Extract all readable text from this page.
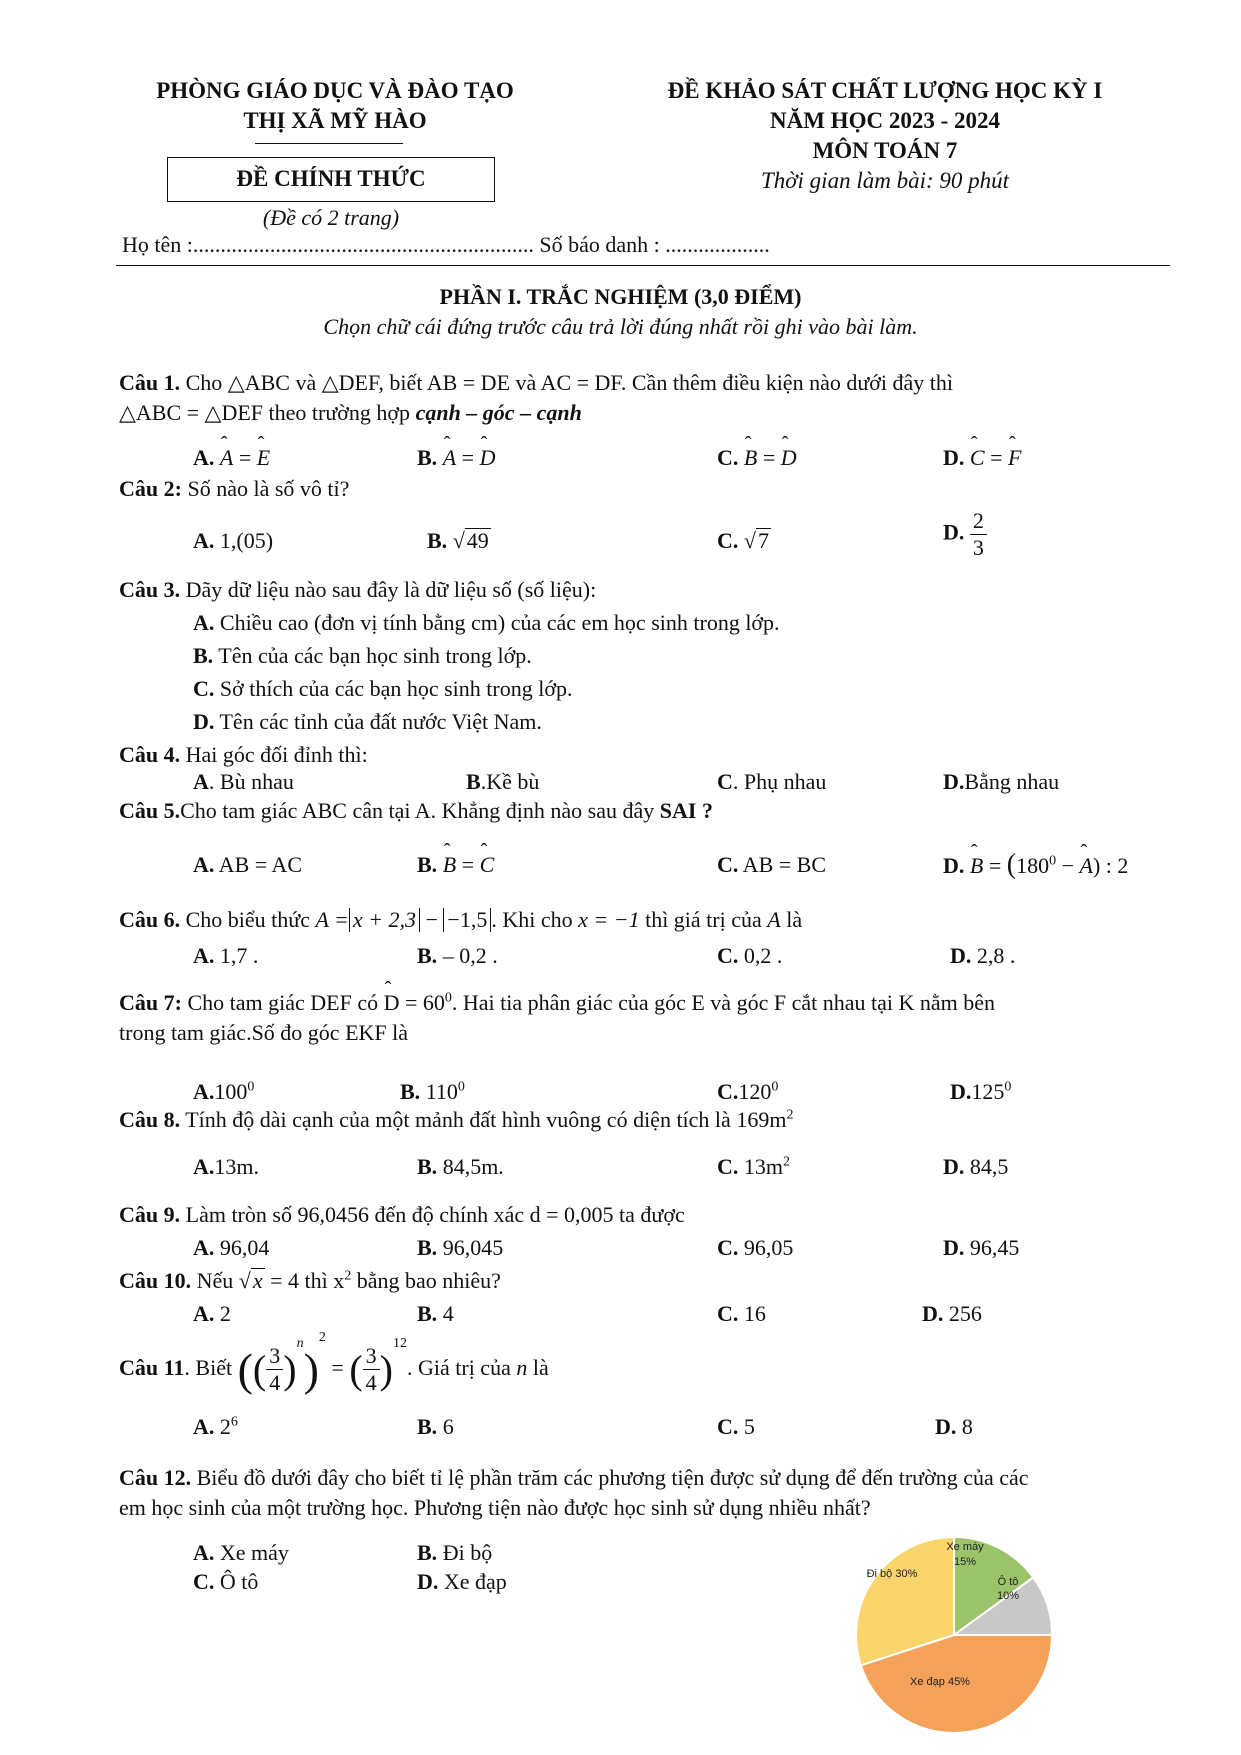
PHÒNG GIÁO DỤC VÀ ĐÀO TẠO
THỊ XÃ MỸ HÀO
ĐỀ CHÍNH THỨC
(Đề có 2 trang)
ĐỀ KHẢO SÁT CHẤT LƯỢNG HỌC KỲ I
NĂM HỌC 2023 - 2024
MÔN TOÁN 7
Thời gian làm bài: 90 phút
Họ tên :.............................................................. Số báo danh : ...................
PHẦN I. TRẮC NGHIỆM (3,0 ĐIỂM)
Chọn chữ cái đứng trước câu trả lời đúng nhất rồi ghi vào bài làm.
Câu 1. Cho △ABC và △DEF, biết AB = DE và AC = DF. Cần thêm điều kiện nào dưới đây thì
△ABC = △DEF theo trường hợp cạnh – góc – cạnh
A. ˆ A = ˆ E	B. ˆ A = ˆ D	C. ˆ B = ˆ D	D. ˆ C = ˆ F
Câu 2: Số nào là số vô tỉ?
A. 1,(05)	B. √49	C. √7	D. $\frac{2}{3}$
Câu 3. Dãy dữ liệu nào sau đây là dữ liệu số (số liệu):
A. Chiều cao (đơn vị tính bằng cm) của các em học sinh trong lớp.
B. Tên của các bạn học sinh trong lớp.
C. Sở thích của các bạn học sinh trong lớp.
D. Tên các tỉnh của đất nước Việt Nam.
Câu 4. Hai góc đối đỉnh thì:
A. Bù nhau	B.Kề bù	C. Phụ nhau	D.Bằng nhau
Câu 5.Cho tam giác ABC cân tại A. Khẳng định nào sau đây SAI ?
A. AB = AC	B. ˆ B = ˆ C	C. AB = BC	D. ˆ $B = (180^0$ − ˆ A) : 2
Câu 6. Cho biểu thức A = x + 2,3 − −1,5 . Khi cho x = −1 thì giá trị của A là
A. 1,7 .	B. – 0,2 .	C. 0,2 .	D. 2,8 .
Câu 7: Cho tam giác DEF có ˆ $D = 60^0$. Hai tia phân giác của góc E và góc F cắt nhau tại K nằm bên
trong tam giác.Số đo góc EKF là
A.100$^0$	B. $110^0$	C.120$^0$	D.125$^0$
Câu 8. Tính độ dài cạnh của một mảnh đất hình vuông có diện tích là $169m^2$
A.13m.	B. 84,5m.	C. $13m^2$	D. 84,5
Câu 9. Làm tròn số 96,0456 đến độ chính xác d = 0,005 ta được
A. 96,04	B. 96,045	C. 96,05	D. 96,45
Câu 10. Nếu √x = 4 thì $x^2$ bằng bao nhiêu?
A. 2	B. 4	C. 16	D. 256
Câu 11. Biết (( $\frac{3}{4} )^n)^2$ = ( $\frac{3}{4} )^{12}$. Giá trị của n là
A. $2^6$	B. 6	C. 5	D. 8
Câu 12. Biểu đồ dưới đây cho biết tỉ lệ phần trăm các phương tiện được sử dụng để đến trường của các
em học sinh của một trường học. Phương tiện nào được học sinh sử dụng nhiều nhất?
A. Xe máy	B. Đi bộ
C. Ô tô	D. Xe đạp
Xe máy
15%
Ô tô
10%
Xe đạp 45%
Đi bộ 30%
